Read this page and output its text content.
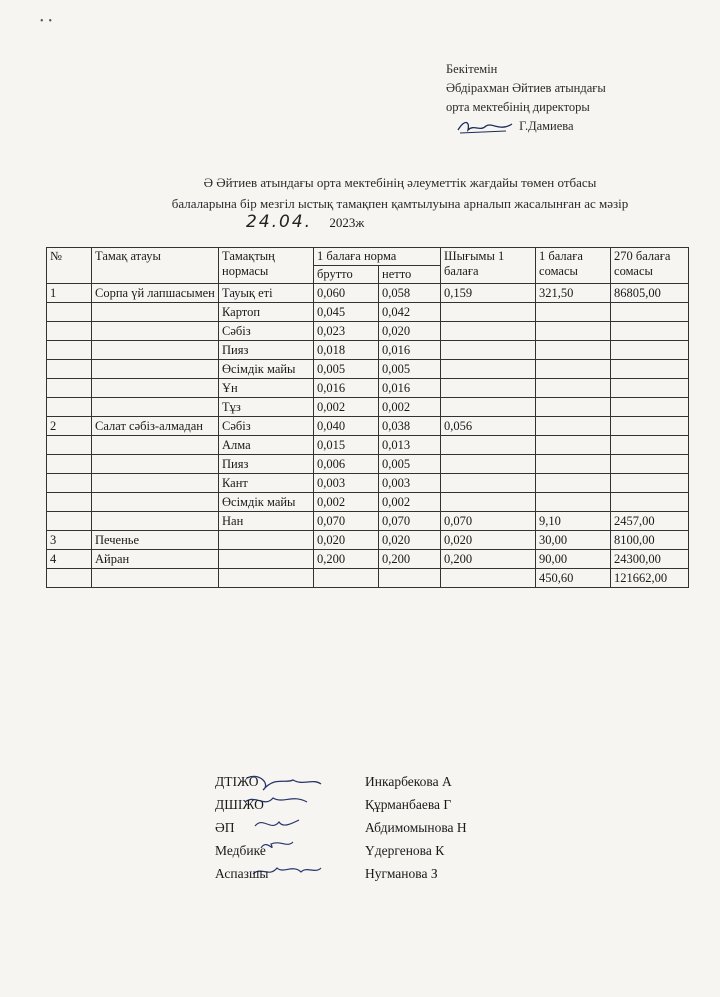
•  •
Бекітемін
Әбдірахман Әйтиев атындағы
орта мектебінің директоры
Г.Дамиева
Ә Әйтиев атындағы орта мектебінің әлеуметтік жағдайы төмен отбасы
балаларына бір мезгіл ыстық тамақпен қамтылуына арналып жасалынған ас мәзір
24.04. 2023ж
№	Тамақ атауы	Тамақтың нормасы	1 балаға норма		Шығымы 1 балаға	1 балаға сомасы	270 балаға сомасы
			брутто	нетто			
1	Сорпа үй лапшасымен	Тауық еті	0,060	0,058	0,159	321,50	86805,00
		Картоп	0,045	0,042			
		Сәбіз	0,023	0,020			
		Пияз	0,018	0,016			
		Өсімдік майы	0,005	0,005			
		Ұн	0,016	0,016			
		Тұз	0,002	0,002			
2	Салат сәбіз-алмадан	Сәбіз	0,040	0,038	0,056		
		Алма	0,015	0,013			
		Пияз	0,006	0,005			
		Кант	0,003	0,003			
		Өсімдік майы	0,002	0,002			
		Нан	0,070	0,070	0,070	9,10	2457,00
3	Печенье		0,020	0,020	0,020	30,00	8100,00
4	Айран		0,200	0,200	0,200	90,00	24300,00
						450,60	121662,00
ДТІЖО	Инкарбекова А
ДШІЖО	Құрманбаева Г
ӘП	Абдимомынова Н
Медбике	Үдергенова К
Аспазшы	Нугманова З
